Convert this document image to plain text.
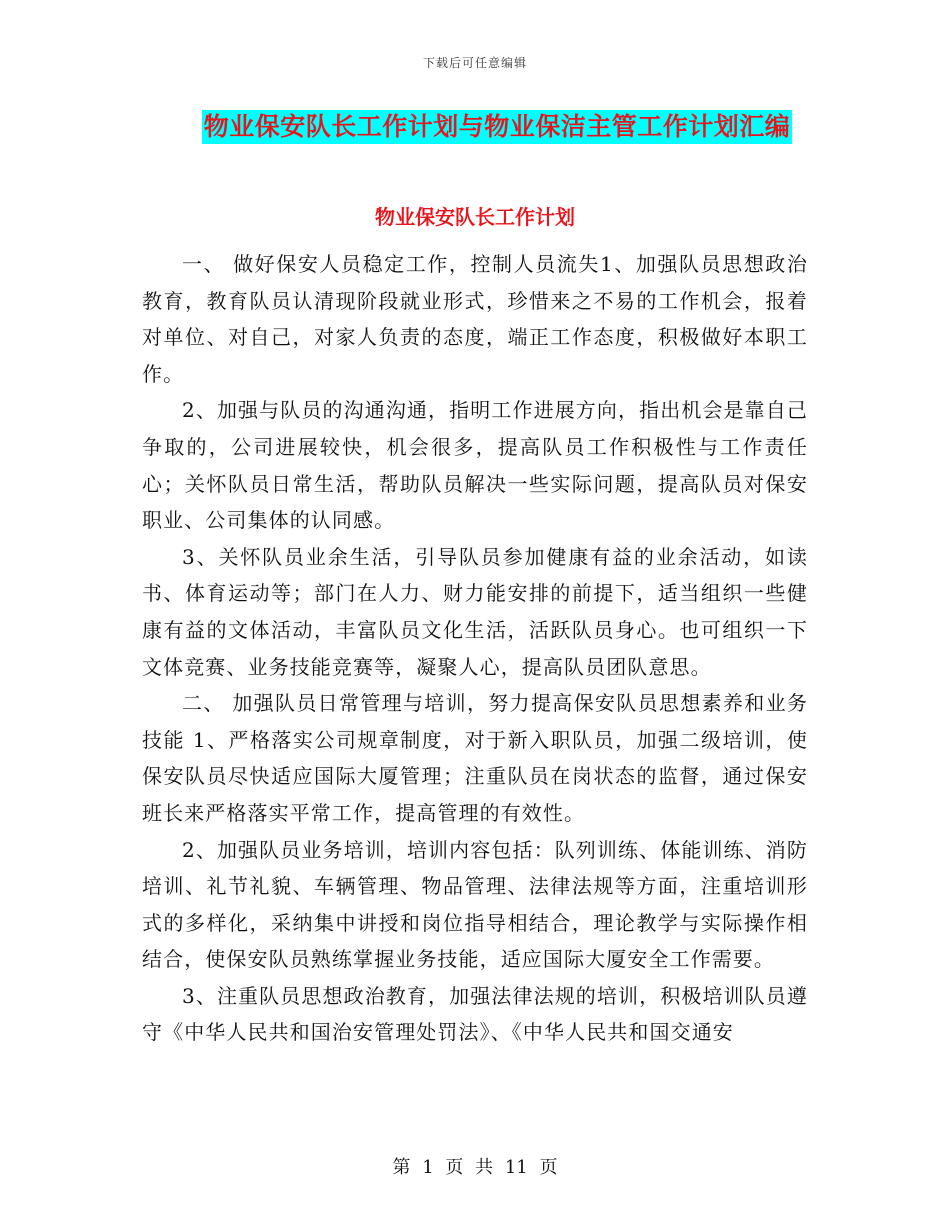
下载后可任意编辑
物业保安队长工作计划与物业保洁主管工作计划汇编
物业保安队长工作计划

一、 做好保安人员稳定工作，控制人员流失1、加强队员思想政治教育，教育队员认清现阶段就业形式，珍惜来之不易的工作机会，报着对单位、对自己，对家人负责的态度，端正工作态度，积极做好本职工作。

2、加强与队员的沟通沟通，指明工作进展方向，指出机会是靠自己争取的，公司进展较快，机会很多，提高队员工作积极性与工作责任心；关怀队员日常生活，帮助队员解决一些实际问题，提高队员对保安职业、公司集体的认同感。

3、关怀队员业余生活，引导队员参加健康有益的业余活动，如读书、体育运动等；部门在人力、财力能安排的前提下，适当组织一些健康有益的文体活动，丰富队员文化生活，活跃队员身心。也可组织一下文体竞赛、业务技能竞赛等，凝聚人心，提高队员团队意思。

二、 加强队员日常管理与培训，努力提高保安队员思想素养和业务技能 1、严格落实公司规章制度，对于新入职队员，加强二级培训，使保安队员尽快适应国际大厦管理；注重队员在岗状态的监督，通过保安班长来严格落实平常工作，提高管理的有效性。

2、加强队员业务培训，培训内容包括：队列训练、体能训练、消防培训、礼节礼貌、车辆管理、物品管理、法律法规等方面，注重培训形式的多样化，采纳集中讲授和岗位指导相结合，理论教学与实际操作相结合，使保安队员熟练掌握业务技能，适应国际大厦安全工作需要。

3、注重队员思想政治教育，加强法律法规的培训，积极培训队员遵守《中华人民共和国治安管理处罚法》、《中华人民共和国交通安

第 1 页 共 11 页
